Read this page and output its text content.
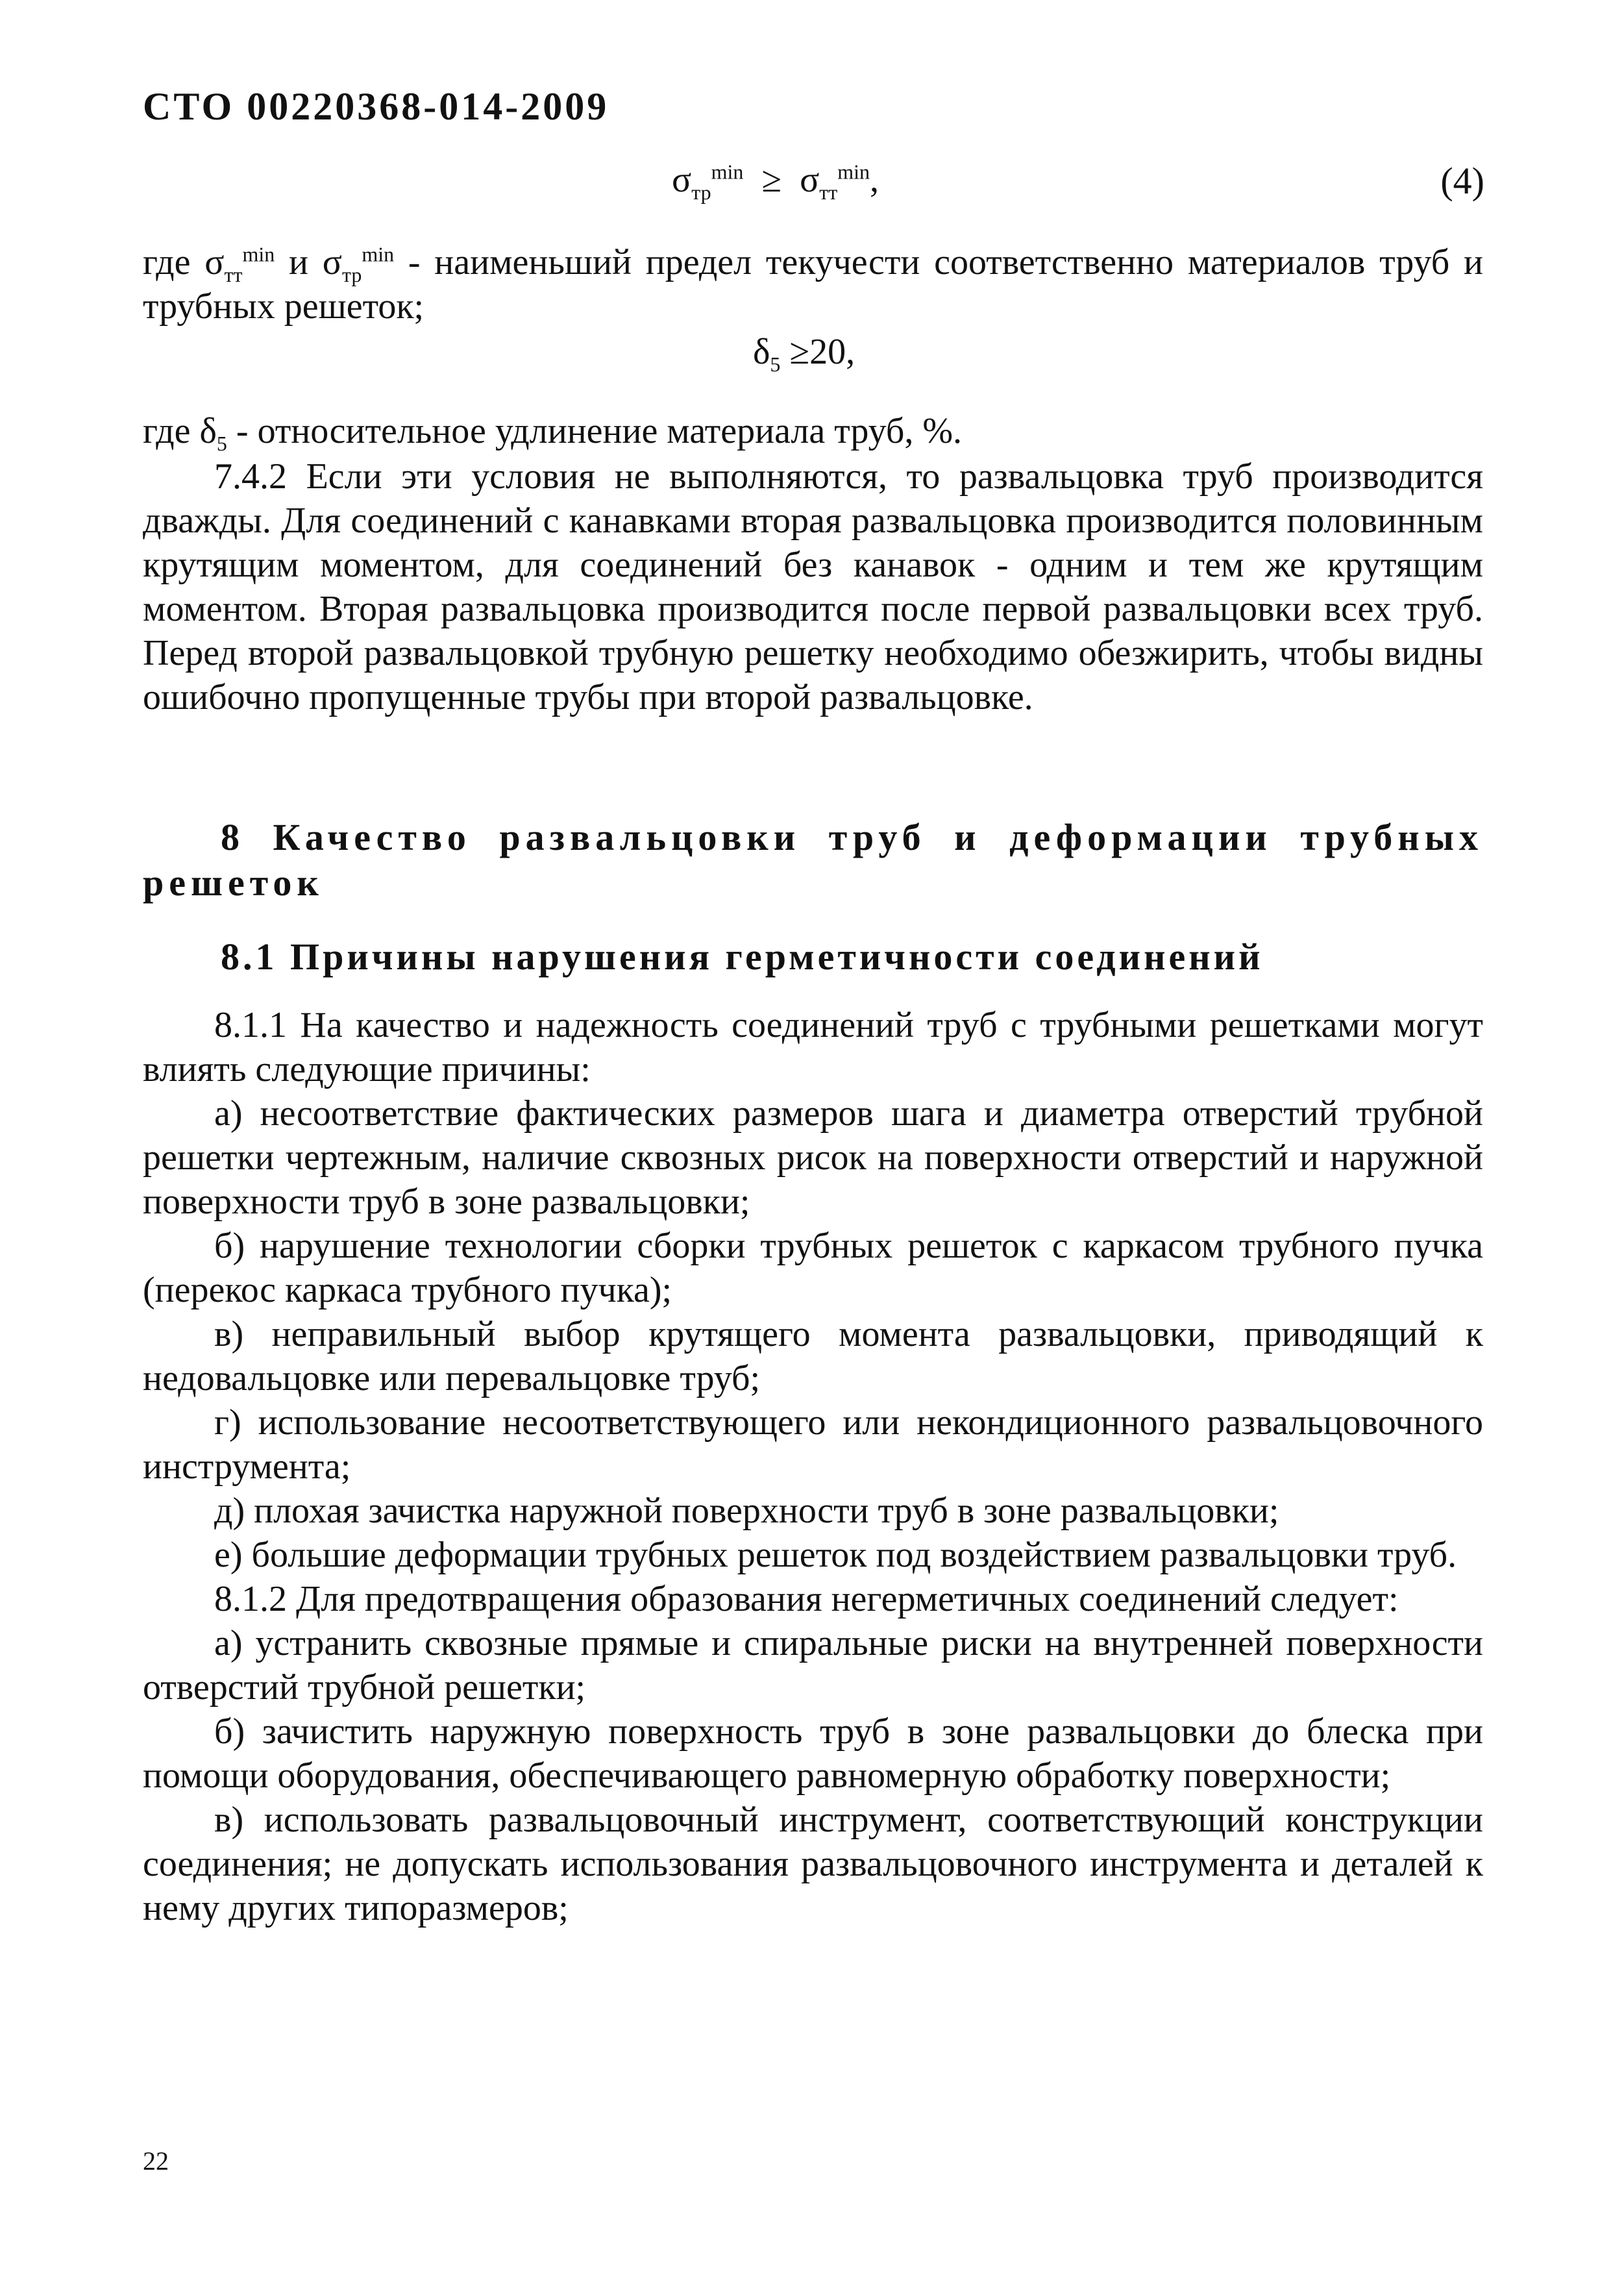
СТО 00220368-014-2009
$\sigma_{тр}^{min} \ge \sigma_{тт}^{min}$,	(4)
где $\sigma_{тт}^{min}$ и $\sigma_{тр}^{min}$ - наименьший предел текучести соответственно материалов труб и трубных решеток;
$\delta_5 \ge 20$,
где $\delta_5$ - относительное удлинение материала труб, %.
7.4.2 Если эти условия не выполняются, то развальцовка труб производится дважды. Для соединений с канавками вторая развальцовка производится половинным крутящим моментом, для соединений без канавок - одним и тем же крутящим моментом. Вторая развальцовка производится после первой развальцовки всех труб. Перед второй развальцовкой трубную решетку необходимо обезжирить, чтобы видны ошибочно пропущенные трубы при второй развальцовке.
8 Качество развальцовки труб и деформации трубных решеток
8.1 Причины нарушения герметичности соединений

8.1.1 На качество и надежность соединений труб с трубными решетками могут влиять следующие причины:

а) несоответствие фактических размеров шага и диаметра отверстий трубной решетки чертежным, наличие сквозных рисок на поверхности отверстий и наружной поверхности труб в зоне развальцовки;

б) нарушение технологии сборки трубных решеток с каркасом трубного пучка (перекос каркаса трубного пучка);

в) неправильный выбор крутящего момента развальцовки, приводящий к недовальцовке или перевальцовке труб;

г) использование несоответствующего или некондиционного развальцовочного инструмента;

д) плохая зачистка наружной поверхности труб в зоне развальцовки;

е) большие деформации трубных решеток под воздействием развальцовки труб.

8.1.2 Для предотвращения образования негерметичных соединений следует:

а) устранить сквозные прямые и спиральные риски на внутренней поверхности отверстий трубной решетки;

б) зачистить наружную поверхность труб в зоне развальцовки до блеска при помощи оборудования, обеспечивающего равномерную обработку поверхности;

в) использовать развальцовочный инструмент, соответствующий конструкции соединения; не допускать использования развальцовочного инструмента и деталей к нему других типоразмеров;

22
